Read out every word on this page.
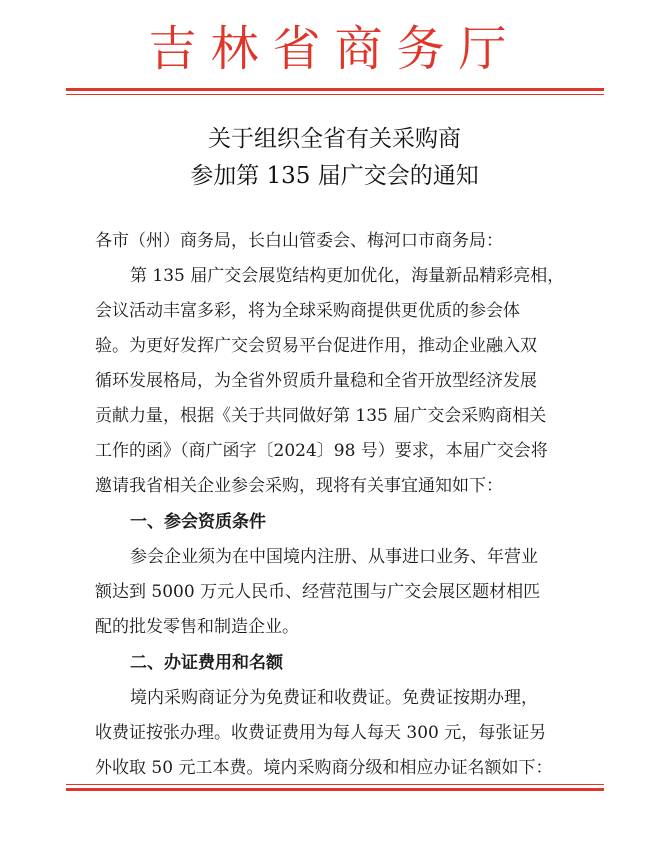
吉林省商务厅
关于组织全省有关采购商
参加第 135 届广交会的通知
各市（州）商务局，长白山管委会、梅河口市商务局：
第 135 届广交会展览结构更加优化，海量新品精彩亮相，
会议活动丰富多彩，将为全球采购商提供更优质的参会体
验。为更好发挥广交会贸易平台促进作用，推动企业融入双
循环发展格局，为全省外贸质升量稳和全省开放型经济发展
贡献力量，根据《关于共同做好第 135 届广交会采购商相关
工作的函》（商广函字〔2024〕98 号）要求，本届广交会将
邀请我省相关企业参会采购，现将有关事宜通知如下：
一、参会资质条件
参会企业须为在中国境内注册、从事进口业务、年营业
额达到 5000 万元人民币、经营范围与广交会展区题材相匹
配的批发零售和制造企业。
二、办证费用和名额
境内采购商证分为免费证和收费证。免费证按期办理，
收费证按张办理。收费证费用为每人每天 300 元，每张证另
外收取 50 元工本费。境内采购商分级和相应办证名额如下：
